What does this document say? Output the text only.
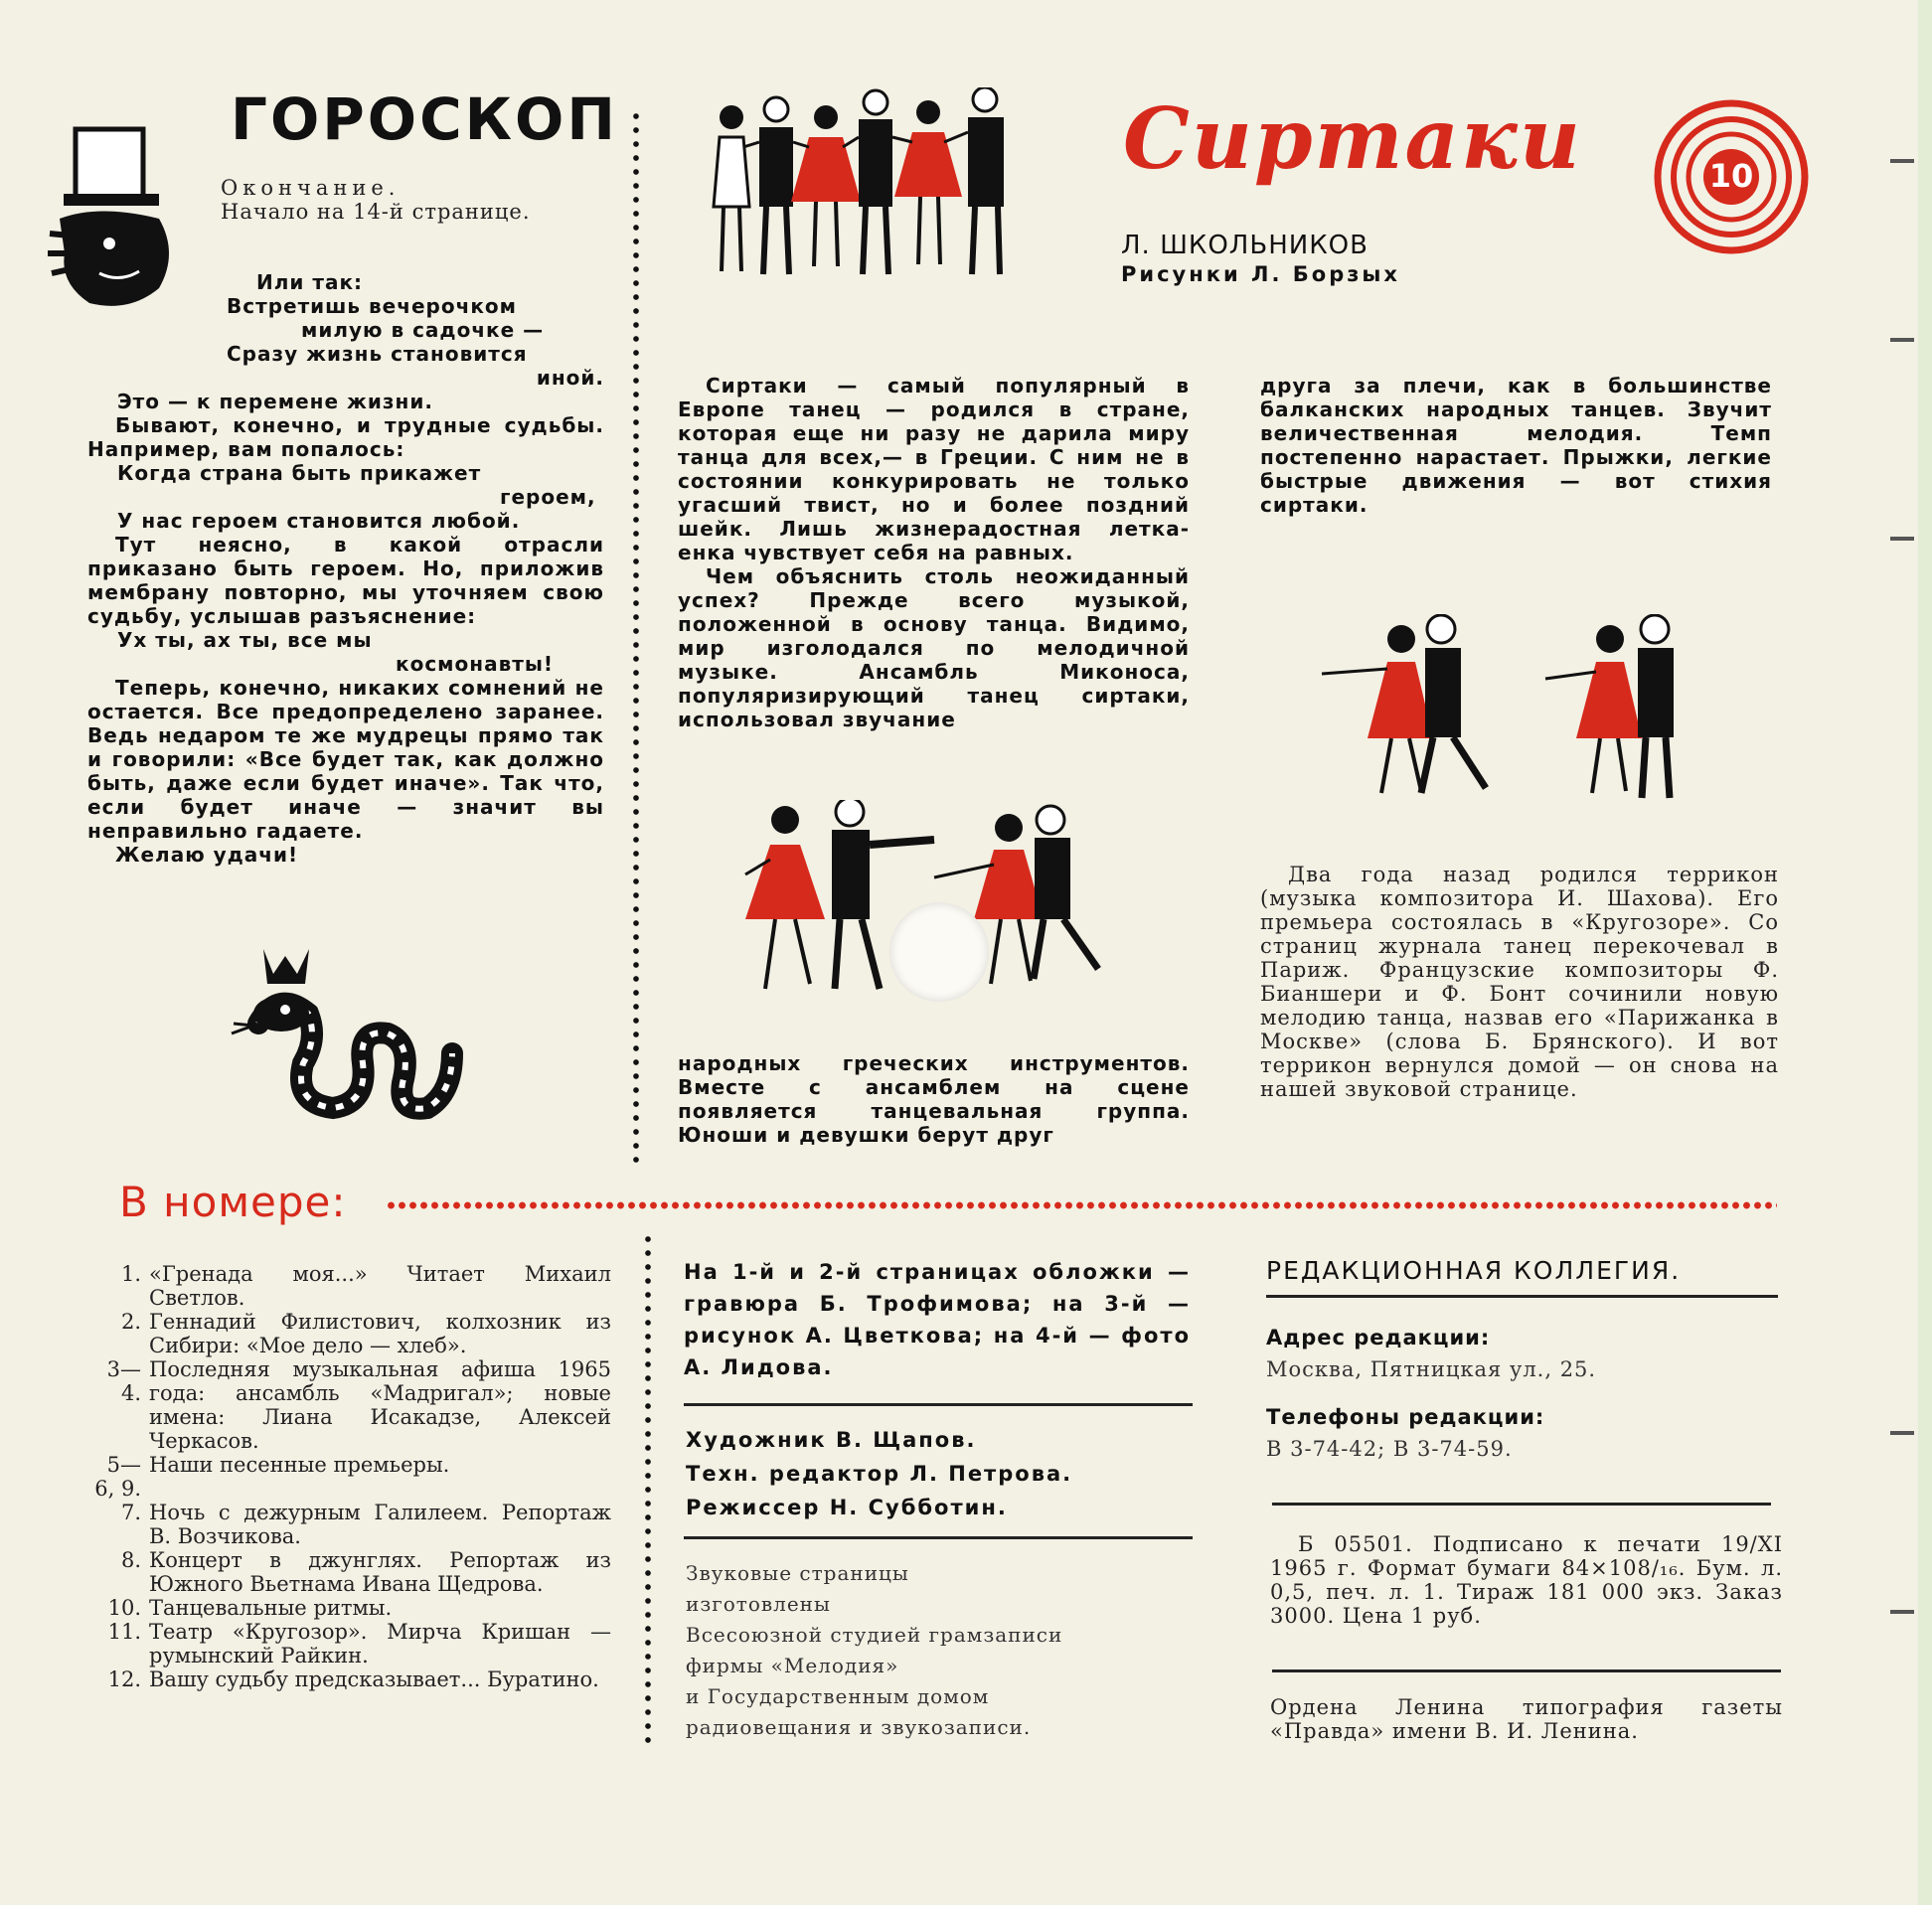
ГОРОСКОП
Окончание.
Начало на 14-й странице.
Или так:
Встретишь вечерочком
милую в садочке —
Сразу жизнь становится
иной.

Это — к перемене жизни.

Бывают, конечно, и трудные судьбы. Например, вам попалось:

Когда страна быть прикажет
героем,
У нас героем становится любой.

Тут неясно, в какой отрасли приказано быть героем. Но, приложив мембрану повторно, мы уточняем свою судьбу, услышав разъяснение:

Ух ты, ах ты, все мы
космонавты!

Теперь, конечно, никаких сомнений не остается. Все предопределено заранее. Ведь недаром те же мудрецы прямо так и говорили: «Все будет так, как должно быть, даже если будет иначе». Так что, если будет иначе — значит вы неправильно гадаете.

Желаю удачи!

Сиртаки	10
Л. ШКОЛЬНИКОВ
Рисунки Л. Борзых

Сиртаки — самый популярный в Европе танец — родился в стране, которая еще ни разу не дарила миру танца для всех,— в Греции. С ним не в состоянии конкурировать не только угасший твист, но и более поздний шейк. Лишь жизнерадостная летка-енка чувствует себя на равных.

Чем объяснить столь неожиданный успех? Прежде всего музыкой, положенной в основу танца. Видимо, мир изголодался по мелодичной музыке. Ансамбль Миконоса, популяризирующий танец сиртаки, использовал звучание

народных греческих инструментов. Вместе с ансамблем на сцене появляется танцевальная группа. Юноши и девушки берут друг

друга за плечи, как в большинстве балканских народных танцев. Звучит величественная мелодия. Темп постепенно нарастает. Прыжки, легкие быстрые движения — вот стихия сиртаки.

Два года назад родился террикон (музыка композитора И. Шахова). Его премьера состоялась в «Кругозоре». Со страниц журнала танец перекочевал в Париж. Французские композиторы Ф. Бианшери и Ф. Бонт сочинили новую мелодию танца, назвав его «Парижанка в Москве» (слова Б. Брянского). И вот террикон вернулся домой — он снова на нашей звуковой странице.

В номере:
1. «Гренада моя...» Читает Михаил Светлов.
2. Геннадий Филистович, колхозник из Сибири: «Мое дело — хлеб».
3—4.
Последняя музыкальная афиша 1965 года: ансамбль «Мадригал»; новые имена: Лиана Исакадзе, Алексей Черкасов.
5—6, 9.
Наши песенные премьеры.
7. Ночь с дежурным Галилеем. Репортаж В. Возчикова.
8. Концерт в джунглях. Репортаж из Южного Вьетнама Ивана Щедрова.
10. Танцевальные ритмы.
11. Театр «Кругозор». Мирча Кришан — румынский Райкин.
12. Вашу судьбу предсказывает... Буратино.
На 1-й и 2-й страницах обложки — гравюра Б. Трофимова; на 3-й — рисунок А. Цветкова; на 4-й — фото А. Лидова.
Художник В. Щапов.
Техн. редактор Л. Петрова.
Режиссер Н. Субботин.
Звуковые страницы
изготовлены
Всесоюзной студией грамзаписи
фирмы «Мелодия»
и Государственным домом
радиовещания и звукозаписи.
РЕДАКЦИОННАЯ КОЛЛЕГИЯ.
Адрес редакции:
Москва, Пятницкая ул., 25.
Телефоны редакции:
В 3-74-42; В 3-74-59.
Б 05501. Подписано к печати 19/XI 1965 г. Формат бумаги 84×108/₁₆. Бум. л. 0,5, печ. л. 1. Тираж 181 000 экз. Заказ 3000. Цена 1 руб.
Ордена Ленина типография газеты «Правда» имени В. И. Ленина.
